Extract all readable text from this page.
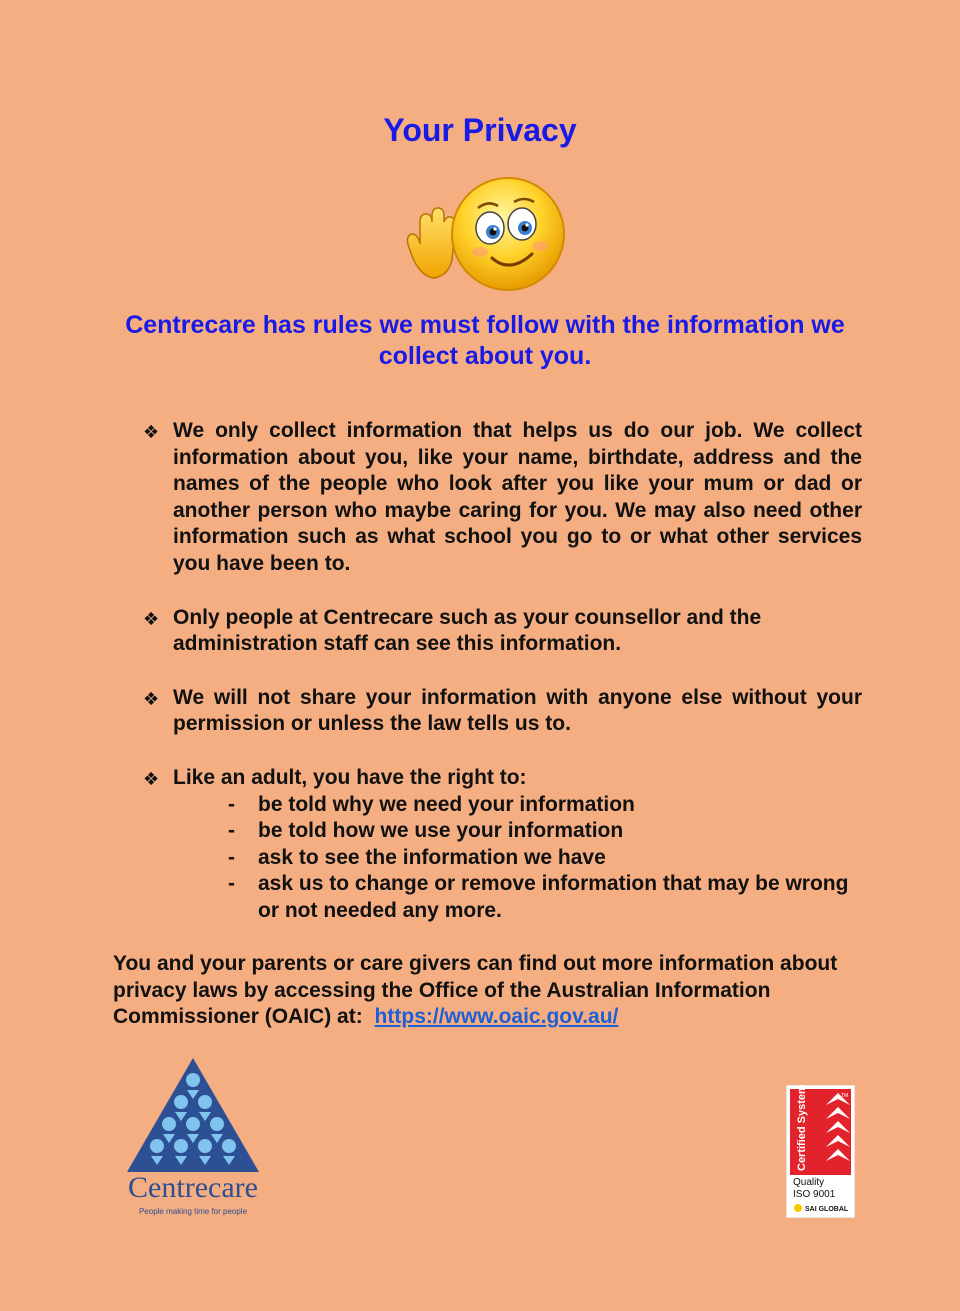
Your Privacy
Centrecare has rules we must follow with the information we collect about you.
❖ We only collect information that helps us do our job. We collect information about you, like your name, birthdate, address and the names of the people who look after you like your mum or dad or another person who maybe caring for you. We may also need other information such as what school you go to or what other services you have been to.
❖ Only people at Centrecare such as your counsellor and the administration staff can see this information.
❖ We will not share your information with anyone else without your permission or unless the law tells us to.
❖ Like an adult, you have the right to:
- be told why we need your information
- be told how we use your information
- ask to see the information we have
- ask us to change or remove information that may be wrong or not needed any more.
You and your parents or care givers can find out more information about privacy laws by accessing the Office of the Australian Information Commissioner (OAIC) at: https://www.oaic.gov.au/
Centrecare
People making time for people
Certified System	TM
Quality
ISO 9001
SAI GLOBAL
